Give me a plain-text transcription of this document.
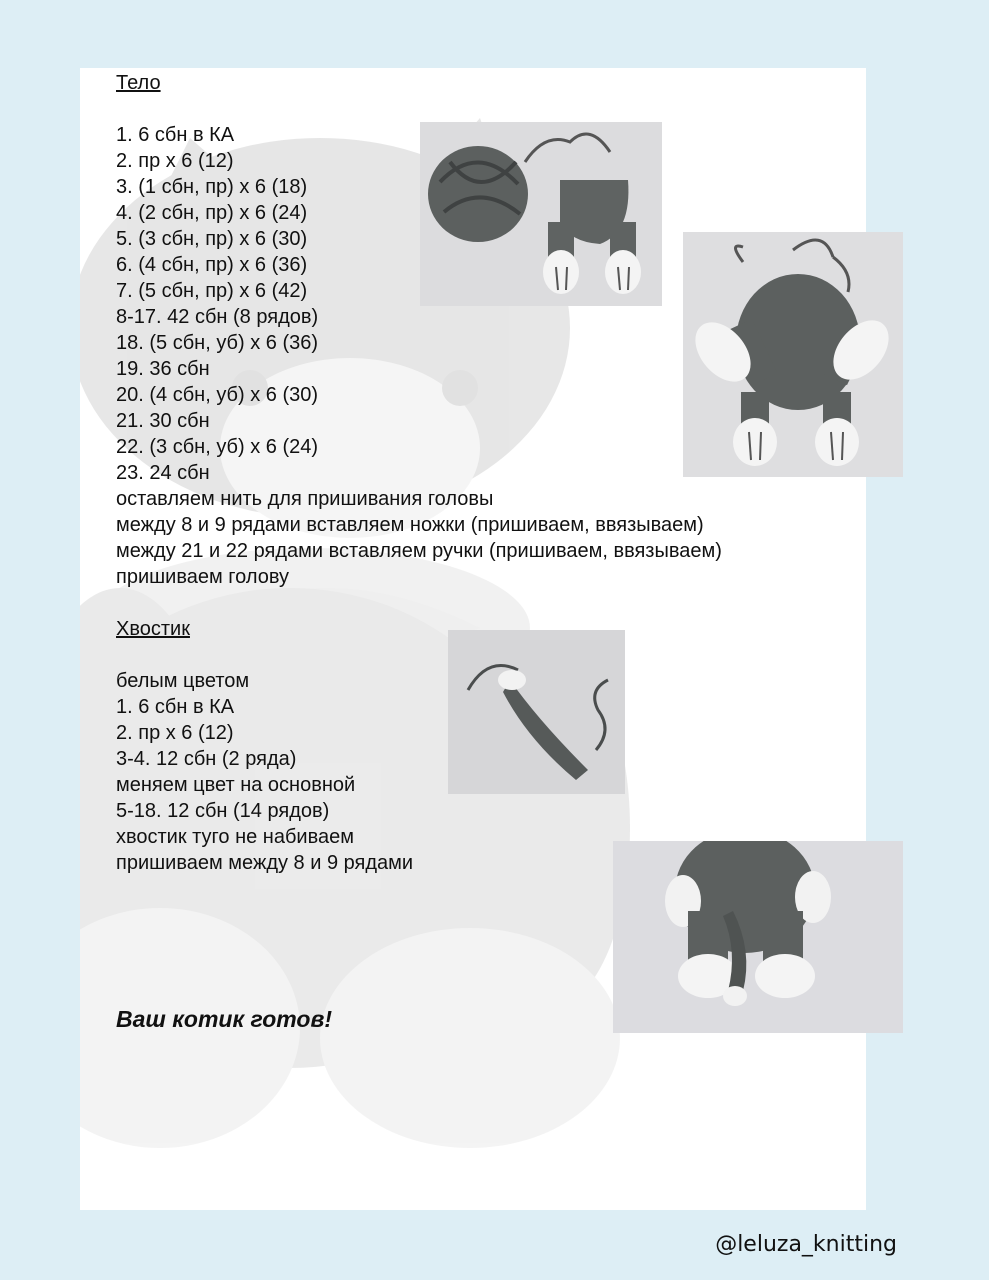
Тело
1. 6 сбн в КА
2. пр х 6 (12)
3. (1 сбн, пр) х 6 (18)
4. (2 сбн, пр) х 6 (24)
5. (3 сбн, пр) х 6 (30)
6. (4 сбн, пр) х 6 (36)
7. (5 сбн, пр) х 6 (42)
8-17. 42 сбн (8 рядов)
18. (5 сбн, уб) х 6 (36)
19. 36 сбн
20. (4 сбн, уб) х 6 (30)
21. 30 сбн
22. (3 сбн, уб) х 6 (24)
23. 24 сбн
оставляем нить для пришивания головы
между 8 и 9 рядами вставляем ножки (пришиваем, ввязываем)
между 21 и 22 рядами вставляем ручки (пришиваем, ввязываем)
пришиваем голову
Хвостик
белым цветом
1. 6 сбн в КА
2. пр х 6 (12)
3-4. 12 сбн (2 ряда)
меняем цвет на основной
5-18. 12 сбн (14 рядов)
хвостик туго не набиваем
пришиваем между 8 и 9 рядами
Ваш котик готов!
@leluza_knitting
